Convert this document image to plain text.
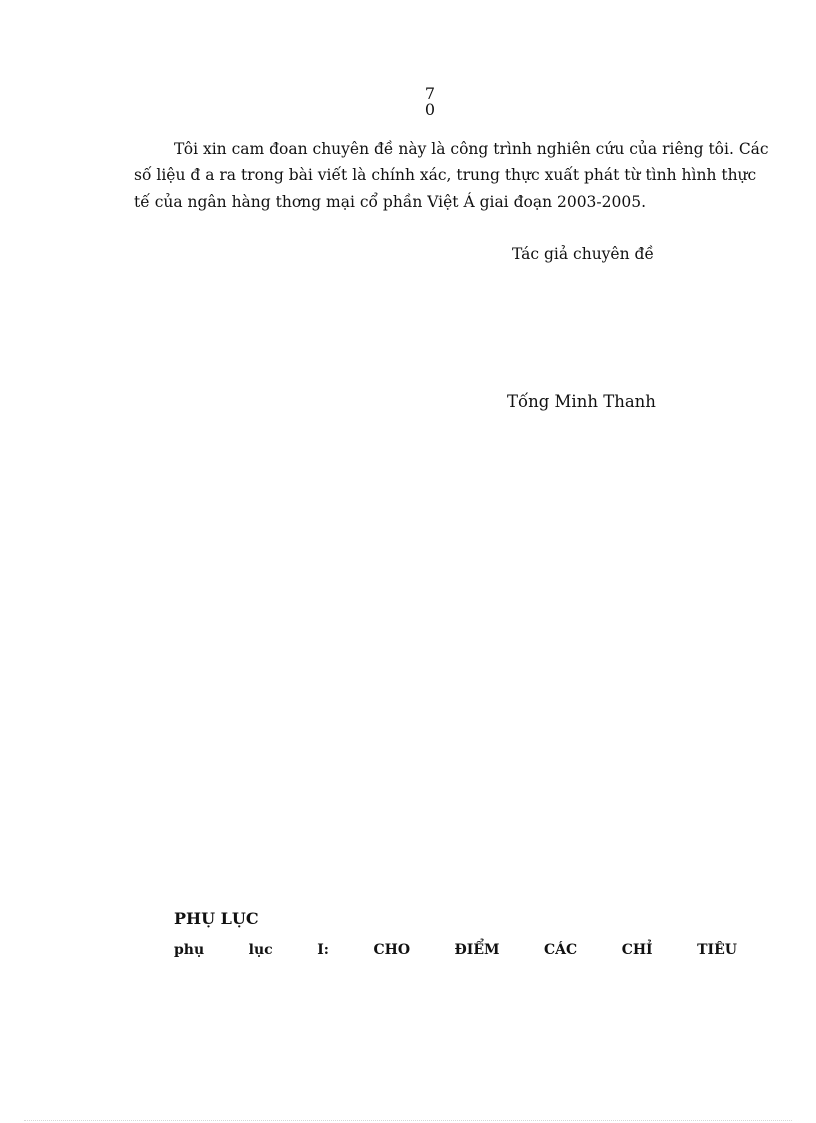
7
0
Tôi xin cam đoan chuyên đề này là công trình nghiên cứu của riêng tôi. Các
số liệu đ a ra trong bài viết là chính xác, trung thực xuất phát từ tình hình thực
tế của ngân hàng thơng mại cổ phần Việt Á giai đoạn 2003-2005.
Tác giả chuyên đề
Tống Minh Thanh
PHỤ LỤC
phụ	lục	I:	CHO	ĐIỂM	CÁC	CHỈ	TIÊU
